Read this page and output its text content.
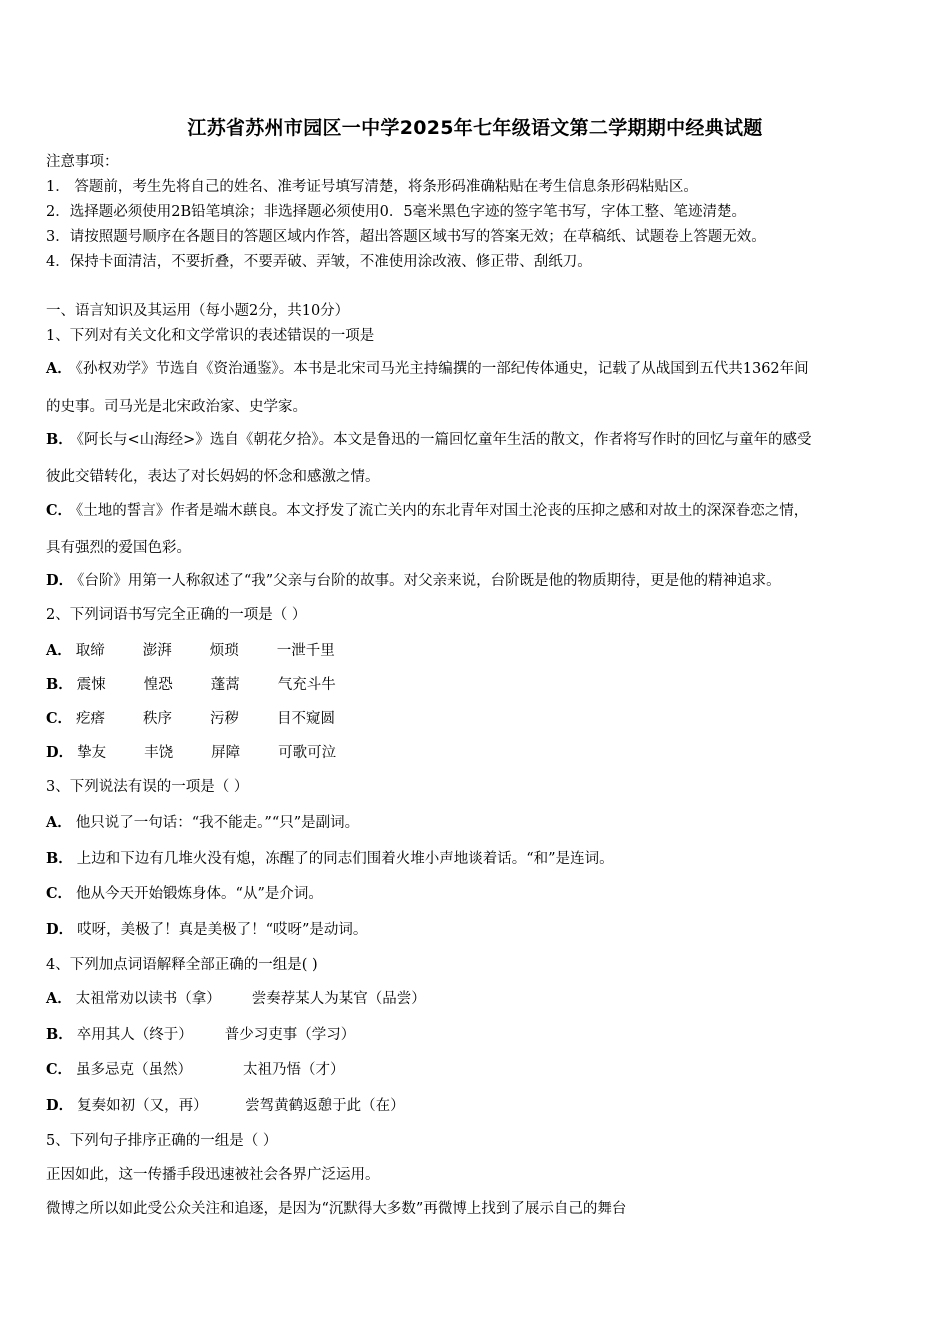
江苏省苏州市园区一中学2025年七年级语文第二学期期中经典试题
注意事项：
1． 答题前，考生先将自己的姓名、准考证号填写清楚，将条形码准确粘贴在考生信息条形码粘贴区。
2．选择题必须使用2B铅笔填涂；非选择题必须使用0．5毫米黑色字迹的签字笔书写，字体工整、笔迹清楚。
3．请按照题号顺序在各题目的答题区域内作答，超出答题区域书写的答案无效；在草稿纸、试题卷上答题无效。
4．保持卡面清洁，不要折叠，不要弄破、弄皱，不准使用涂改液、修正带、刮纸刀。
一、语言知识及其运用（每小题2分，共10分）
1、下列对有关文化和文学常识的表述错误的一项是
A． 《孙权劝学》节选自《资治通鉴》。本书是北宋司马光主持编撰的一部纪传体通史，记载了从战国到五代共1362年间
的史事。司马光是北宋政治家、史学家。
B． 《阿长与<山海经>》选自《朝花夕拾》。本文是鲁迅的一篇回忆童年生活的散文，作者将写作时的回忆与童年的感受
彼此交错转化，表达了对长妈妈的怀念和感激之情。
C． 《土地的誓言》作者是端木蕻良。本文抒发了流亡关内的东北青年对国土沦丧的压抑之感和对故土的深深眷恋之情，
具有强烈的爱国色彩。
D． 《台阶》用第一人称叙述了“我”父亲与台阶的故事。对父亲来说，台阶既是他的物质期待，更是他的精神追求。
2、下列词语书写完全正确的一项是（ ）
A． 取缔	澎湃	烦琐	一泄千里
B． 震悚	惶恐	蓬蒿	气充斗牛
C． 疙瘩	秩序	污秽	目不窥圆
D． 挚友	丰饶	屏障	可歌可泣
3、下列说法有误的一项是（ ）
A． 他只说了一句话：“我不能走。”“只”是副词。
B． 上边和下边有几堆火没有熄，冻醒了的同志们围着火堆小声地谈着话。“和”是连词。
C． 他从今天开始锻炼身体。“从”是介词。
D． 哎呀，美极了！真是美极了！“哎呀”是动词。
4、下列加点词语解释全部正确的一组是( )
A． 太祖常劝以读书（拿） 尝奏荐某人为某官（品尝）
B． 卒用其人（终于） 普少习吏事（学习）
C． 虽多忌克（虽然）	太祖乃悟（才）
D． 复奏如初（又，再）	尝驾黄鹤返憩于此（在）
5、下列句子排序正确的一组是（ ）
正因如此，这一传播手段迅速被社会各界广泛运用。
微博之所以如此受公众关注和追逐，是因为“沉默得大多数”再微博上找到了展示自己的舞台
